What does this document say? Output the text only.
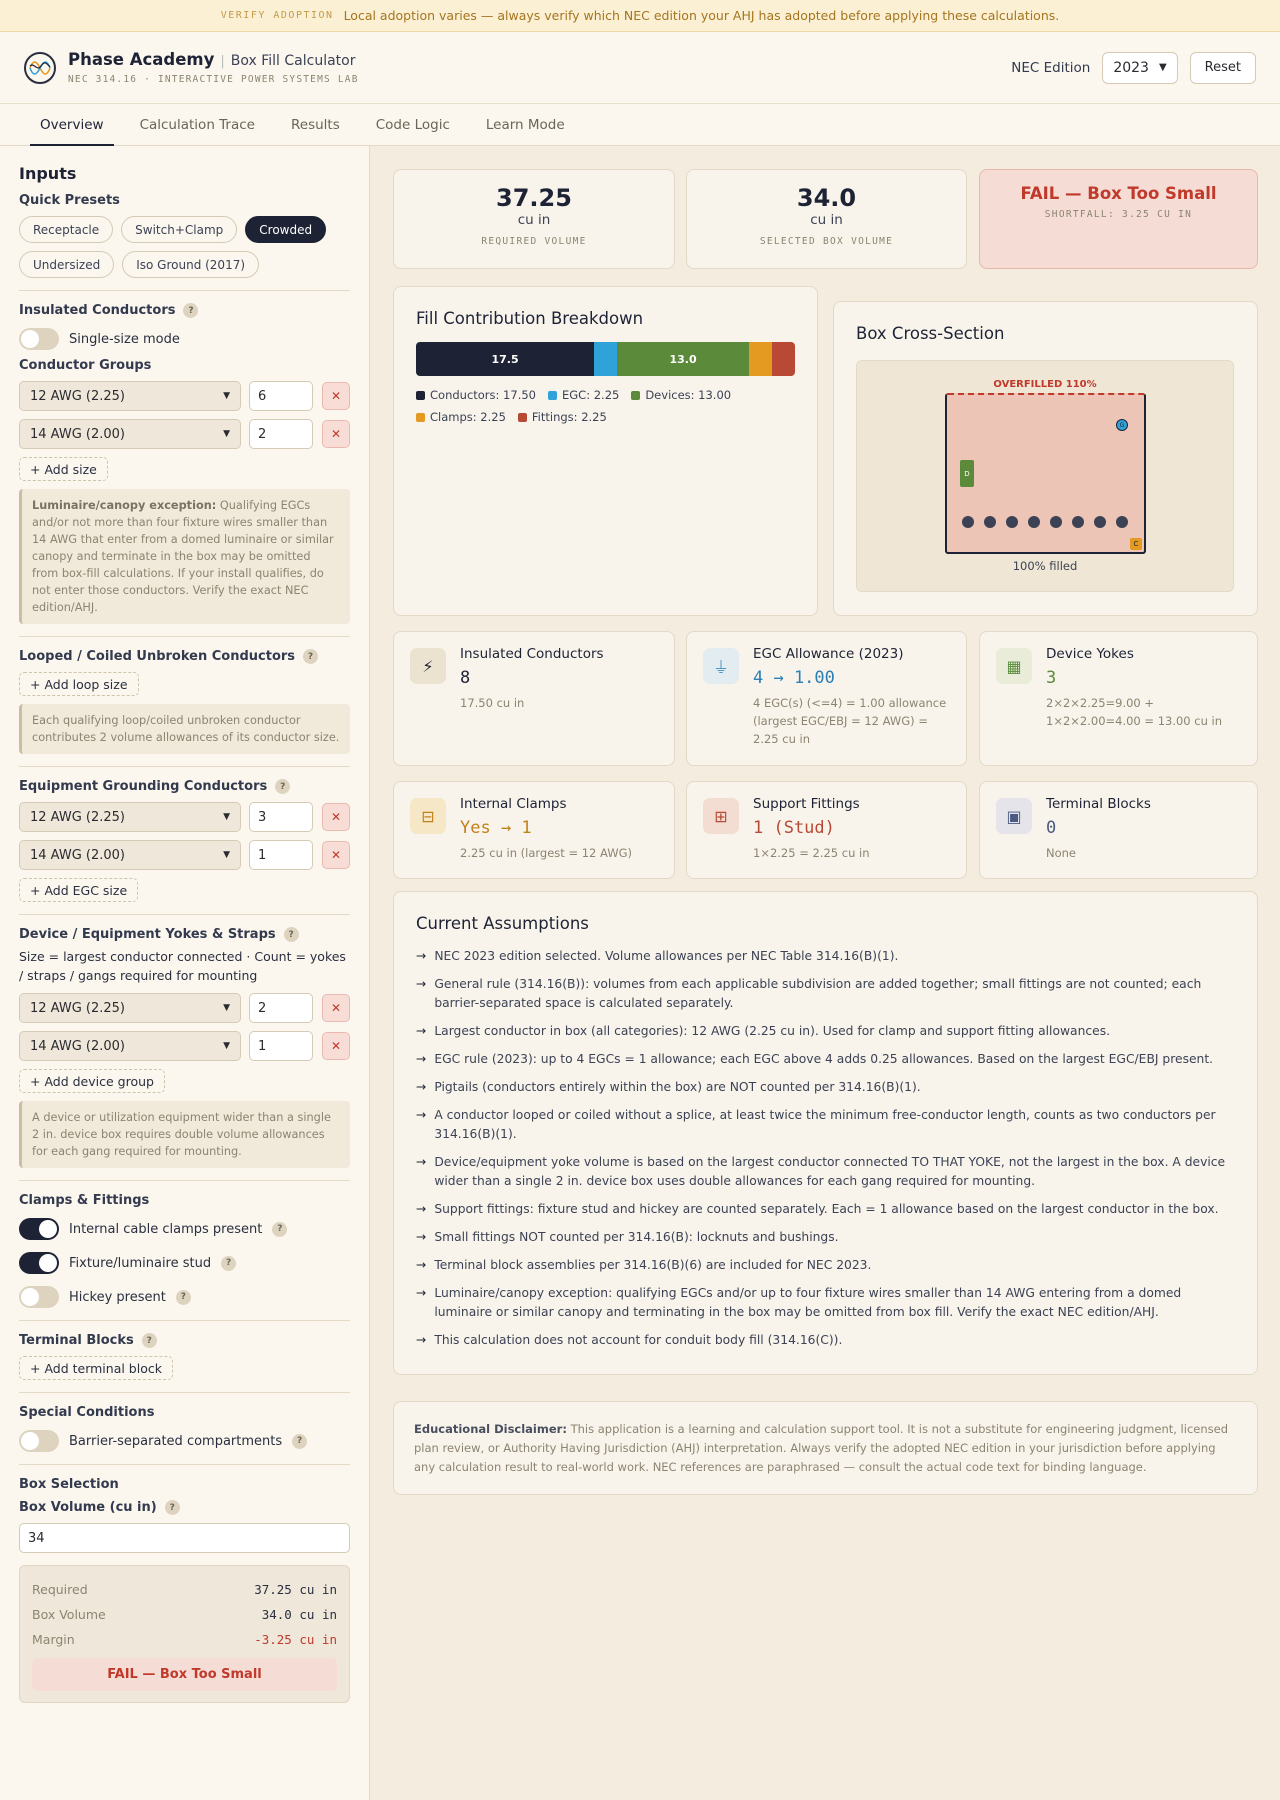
VERIFY ADOPTION Local adoption varies — always verify which NEC edition your AHJ has adopted before applying these calculations.
Phase Academy | Box Fill Calculator
NEC 314.16 · INTERACTIVE POWER SYSTEMS LAB
NEC Edition 2023 ▼	Reset
Overview	Calculation Trace	Results	Code Logic	Learn Mode
Inputs
Quick Presets
Receptacle	Switch+Clamp	Crowded
Undersized	Iso Ground (2017)
Insulated Conductors	?
Single-size mode
Conductor Groups
12 AWG (2.25)	▼	6	✕
14 AWG (2.00)	▼	2	✕
+ Add size
Luminaire/canopy exception: Qualifying EGCs and/or not more than four fixture wires smaller than 14 AWG that enter from a domed luminaire or similar canopy and terminate in the box may be omitted from box-fill calculations. If your install qualifies, do not enter those conductors. Verify the exact NEC edition/AHJ.
Looped / Coiled Unbroken Conductors	?
+ Add loop size
Each qualifying loop/coiled unbroken conductor contributes 2 volume allowances of its conductor size.
Equipment Grounding Conductors	?
12 AWG (2.25)	▼	3	✕
14 AWG (2.00)	▼	1	✕
+ Add EGC size
Device / Equipment Yokes & Straps	?
Size = largest conductor connected · Count = yokes / straps / gangs required for mounting
12 AWG (2.25)	▼	2	✕
14 AWG (2.00)	▼	1	✕
+ Add device group
A device or utilization equipment wider than a single 2 in. device box requires double volume allowances for each gang required for mounting.
Clamps & Fittings
Internal cable clamps present	?
Fixture/luminaire stud	?
Hickey present	?
Terminal Blocks	?
+ Add terminal block
Special Conditions
Barrier-separated compartments	?
Box Selection
Box Volume (cu in)	?
34
Required	37.25 cu in
Box Volume	34.0 cu in
Margin	-3.25 cu in
FAIL — Box Too Small
37.25
cu in
REQUIRED VOLUME
34.0
cu in
SELECTED BOX VOLUME
FAIL — Box Too Small
SHORTFALL: 3.25 CU IN
Fill Contribution Breakdown
17.5	13.0
Conductors: 17.50 EGC: 2.25 Devices: 13.00
Clamps: 2.25 Fittings: 2.25
Box Cross-Section
OVERFILLED 110%
D
G
C
100% filled
⚡
Insulated Conductors
8
17.50 cu in
⏚
EGC Allowance (2023)
4 → 1.00
4 EGC(s) (<=4) = 1.00 allowance (largest EGC/EBJ = 12 AWG) = 2.25 cu in
▦
Device Yokes
3
2×2×2.25=9.00 + 1×2×2.00=4.00 = 13.00 cu in
⊟
Internal Clamps
Yes → 1
2.25 cu in (largest = 12 AWG)
⊞
Support Fittings
1 (Stud)
1×2.25 = 2.25 cu in
▣
Terminal Blocks
0
None
Current Assumptions
→ NEC 2023 edition selected. Volume allowances per NEC Table 314.16(B)(1).
→ General rule (314.16(B)): volumes from each applicable subdivision are added together; small fittings are not counted; each barrier-separated space is calculated separately.
→ Largest conductor in box (all categories): 12 AWG (2.25 cu in). Used for clamp and support fitting allowances.
→ EGC rule (2023): up to 4 EGCs = 1 allowance; each EGC above 4 adds 0.25 allowances. Based on the largest EGC/EBJ present.
→ Pigtails (conductors entirely within the box) are NOT counted per 314.16(B)(1).
→ A conductor looped or coiled without a splice, at least twice the minimum free-conductor length, counts as two conductors per 314.16(B)(1).
→ Device/equipment yoke volume is based on the largest conductor connected TO THAT YOKE, not the largest in the box. A device wider than a single 2 in. device box uses double allowances for each gang required for mounting.
→ Support fittings: fixture stud and hickey are counted separately. Each = 1 allowance based on the largest conductor in the box.
→ Small fittings NOT counted per 314.16(B): locknuts and bushings.
→ Terminal block assemblies per 314.16(B)(6) are included for NEC 2023.
→ Luminaire/canopy exception: qualifying EGCs and/or up to four fixture wires smaller than 14 AWG entering from a domed luminaire or similar canopy and terminating in the box may be omitted from box fill. Verify the exact NEC edition/AHJ.
→ This calculation does not account for conduit body fill (314.16(C)).
Educational Disclaimer: This application is a learning and calculation support tool. It is not a substitute for engineering judgment, licensed plan review, or Authority Having Jurisdiction (AHJ) interpretation. Always verify the adopted NEC edition in your jurisdiction before applying any calculation result to real-world work. NEC references are paraphrased — consult the actual code text for binding language.
